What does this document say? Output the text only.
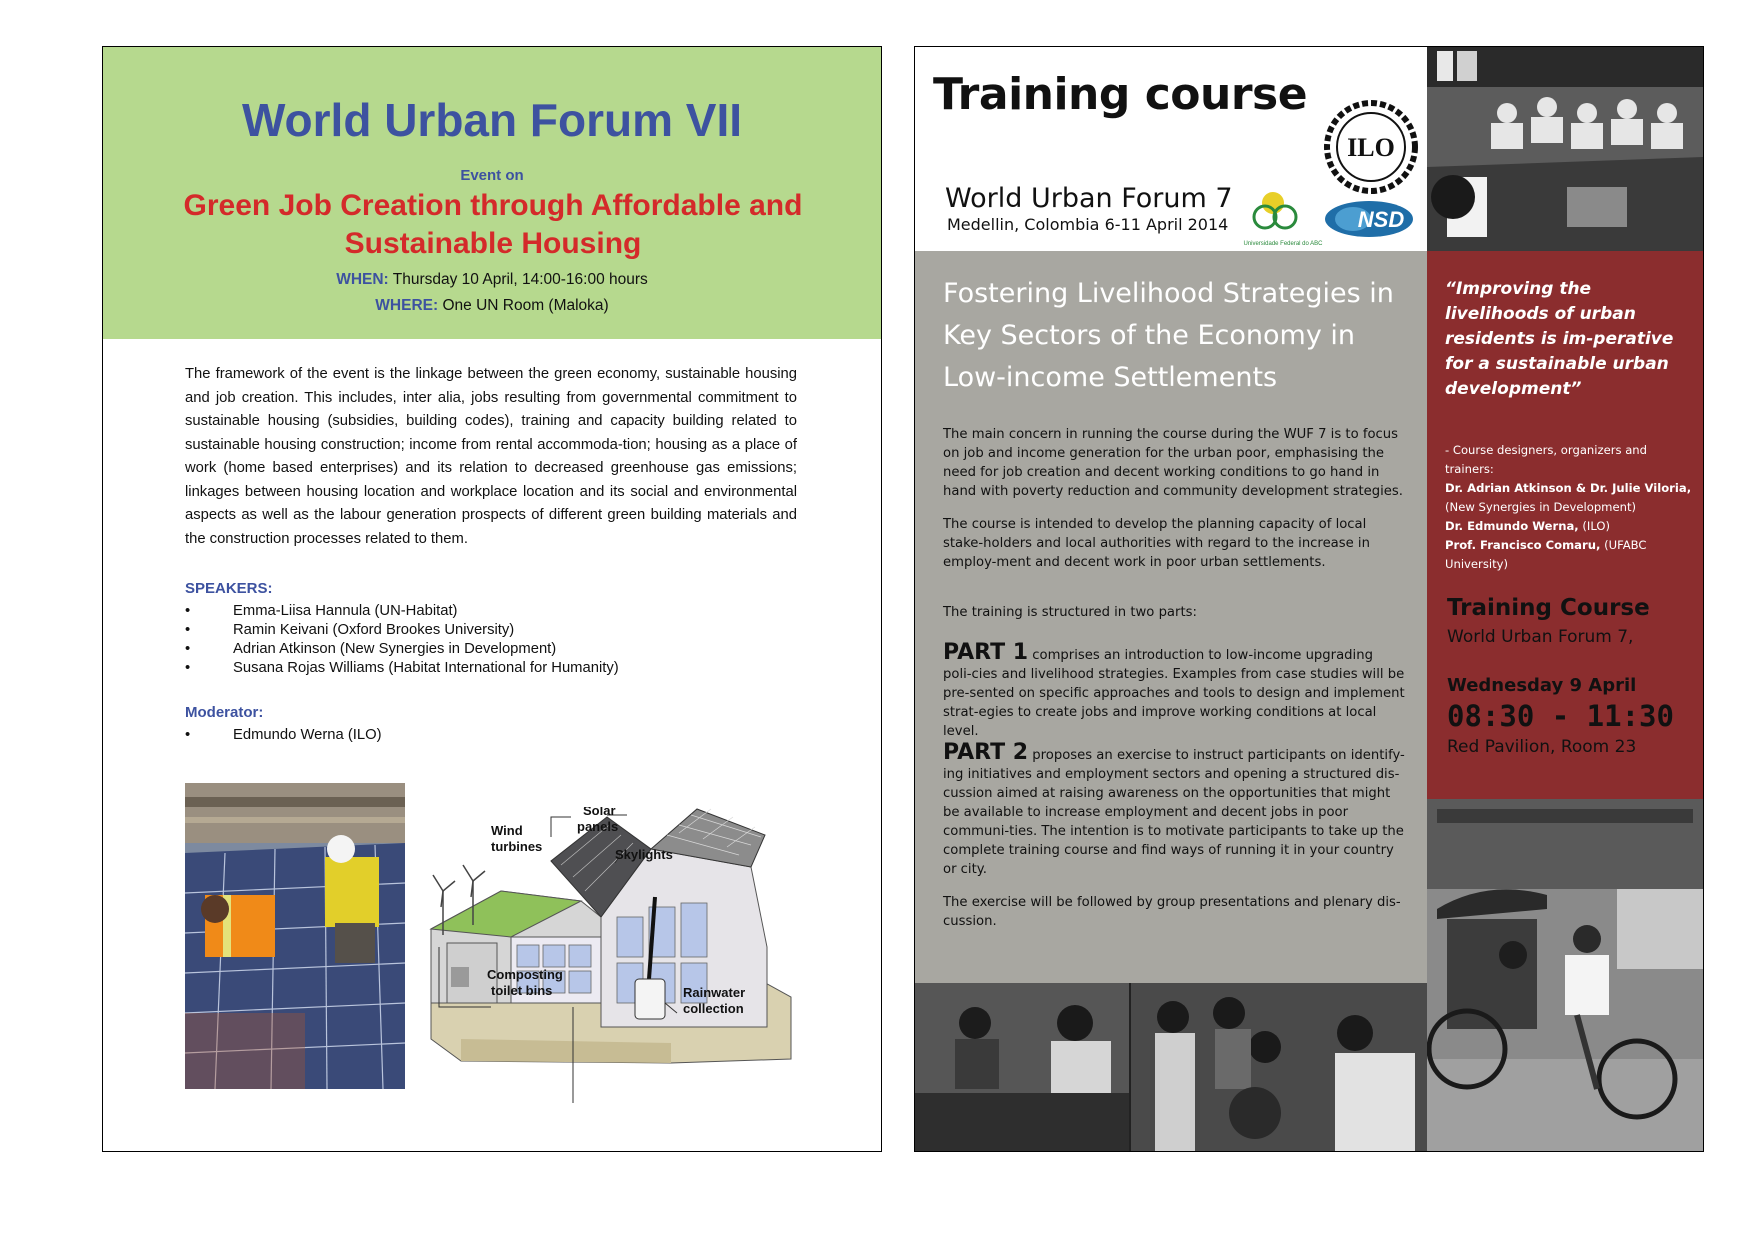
World Urban Forum VII
Event on
Green Job Creation through Affordable and Sustainable Housing
WHEN: Thursday 10 April, 14:00-16:00 hours
WHERE: One UN Room (Maloka)
The framework of the event is the linkage between the green economy, sustainable housing and job creation. This includes, inter alia, jobs resulting from governmental commitment to sustainable housing (subsidies, building codes), training and capacity building related to sustainable housing construction; income from rental accommoda-tion; housing as a place of work (home based enterprises) and its relation to decreased greenhouse gas emissions; linkages between housing location and workplace location and its social and environmental aspects as well as the labour generation prospects of different green building materials and the construction processes related to them.
SPEAKERS:
•	Emma-Liisa Hannula (UN-Habitat)
•	Ramin Keivani (Oxford Brookes University)
•	Adrian Atkinson (New Synergies in Development)
•	Susana Rojas Williams (Habitat International for Humanity)
Moderator:
•	Edmundo Werna (ILO)
Wind
turbines
Solar
panels
Skylights
Composting
toilet bins	Rainwater
collection
Training course
ILO
World Urban Forum 7
Medellin, Colombia 6-11 April 2014
Universidade Federal do ABC
NSD
Fostering Livelihood Strategies in
Key Sectors of the Economy in
Low-income Settlements
The main concern in running the course during the WUF 7 is to focus on job and income generation for the urban poor, emphasising the need for job creation and decent working conditions to go hand in hand with poverty reduction and community development strategies.
The course is intended to develop the planning capacity of local stake-holders and local authorities with regard to the increase in employ-ment and decent work in poor urban settlements.
The training is structured in two parts:
PART 1 comprises an introduction to low-income upgrading poli-cies and livelihood strategies. Examples from case studies will be pre-sented on specific approaches and tools to design and implement strat-egies to create jobs and improve working conditions at local level.
PART 2 proposes an exercise to instruct participants on identify-ing initiatives and employment sectors and opening a structured dis-cussion aimed at raising awareness on the opportunities that might be available to increase employment and decent jobs in poor communi-ties. The intention is to motivate participants to take up the complete training course and find ways of running it in your country or city.
The exercise will be followed by group presentations and plenary dis-cussion.
“Improving the livelihoods of urban residents is im-perative for a sustainable urban development”
- Course designers, organizers and trainers:
Dr. Adrian Atkinson & Dr. Julie Viloria,
(New Synergies in Development)
Dr. Edmundo Werna, (ILO)
Prof. Francisco Comaru, (UFABC University)
Training Course
World Urban Forum 7,
Wednesday 9 April
08:30 - 11:30
Red Pavilion, Room 23
